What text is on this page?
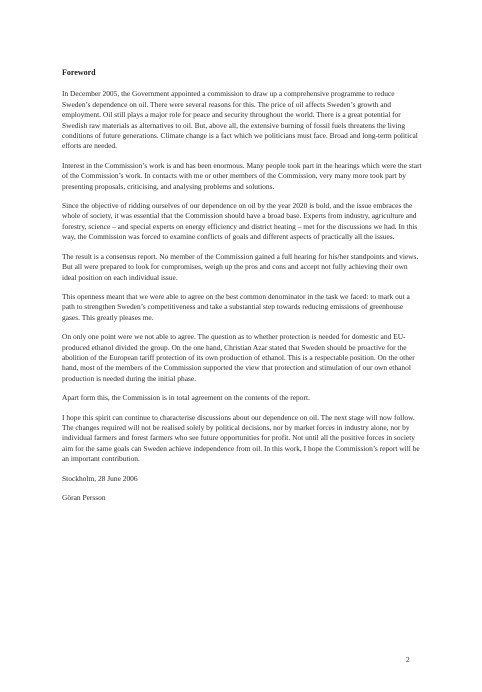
Foreword

In December 2005, the Government appointed a commission to draw up a comprehensive programme to reduce Sweden’s dependence on oil. There were several reasons for this. The price of oil affects Sweden’s growth and employment. Oil still plays a major role for peace and security throughout the world. There is a great potential for Swedish raw materials as alternatives to oil. But, above all, the extensive burning of fossil fuels threatens the living conditions of future generations. Climate change is a fact which we politicians must face. Broad and long-term political efforts are needed.

Interest in the Commission’s work is and has been enormous. Many people took part in the hearings which were the start of the Commission’s work. In contacts with me or other members of the Commission, very many more took part by presenting proposals, criticising, and analysing problems and solutions.

Since the objective of ridding ourselves of our dependence on oil by the year 2020 is bold, and the issue embraces the whole of society, it was essential that the Commission should have a broad base. Experts from industry, agriculture and forestry, science – and special experts on energy efficiency and district heating – met for the discussions we had. In this way, the Commission was forced to examine conflicts of goals and different aspects of practically all the issues.

The result is a consensus report. No member of the Commission gained a full hearing for his/her standpoints and views. But all were prepared to look for compromises, weigh up the pros and cons and accept not fully achieving their own ideal position on each individual issue.

This openness meant that we were able to agree on the best common denominator in the task we faced: to mark out a path to strengthen Sweden’s competitiveness and take a substantial step towards reducing emissions of greenhouse gases. This greatly pleases me.

On only one point were we not able to agree. The question as to whether protection is needed for domestic and EU-produced ethanol divided the group. On the one hand, Christian Azar stated that Sweden should be proactive for the abolition of the European tariff protection of its own production of ethanol. This is a respectable position. On the other hand, most of the members of the Commission supported the view that protection and stimulation of our own ethanol production is needed during the initial phase.

Apart form this, the Commission is in total agreement on the contents of the report.

I hope this spirit can continue to characterise discussions about our dependence on oil. The next stage will now follow. The changes required will not be realised solely by political decisions, nor by market forces in industry alone, nor by individual farmers and forest farmers who see future opportunities for profit. Not until all the positive forces in society aim for the same goals can Sweden achieve independence from oil. In this work, I hope the Commission’s report will be an important contribution.

Stockholm, 28 June 2006

Göran Persson

2
